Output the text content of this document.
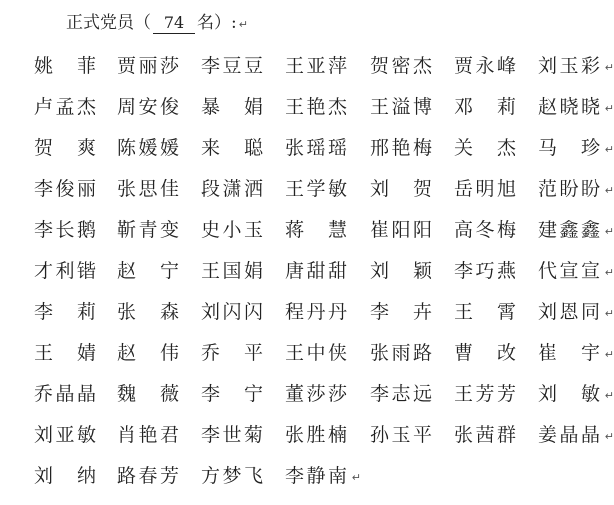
正式党员（ 74 名）: ↵
姚 菲 贾 丽 莎 李 豆 豆 王 亚 萍 贺 密 杰 贾 永 峰 刘 玉 彩 ↵
卢 孟 杰 周 安 俊 暴 娟 王 艳 杰 王 溢 博 邓 莉 赵 晓 晓 ↵
贺 爽 陈 媛 媛 来 聪 张 瑶 瑶 邢 艳 梅 关 杰 马 珍 ↵
李 俊 丽 张 思 佳 段 潇 洒 王 学 敏 刘 贺 岳 明 旭 范 盼 盼 ↵
李 长 鹅 靳 青 变 史 小 玉 蒋 慧 崔 阳 阳 高 冬 梅 建 鑫 鑫 ↵
才 利 锴 赵 宁 王 国 娟 唐 甜 甜 刘 颖 李 巧 燕 代 宣 宣 ↵
李 莉 张 森 刘 闪 闪 程 丹 丹 李 卉 王 霄 刘 恩 同 ↵
王 婧 赵 伟 乔 平 王 中 侠 张 雨 路 曹 改 崔 宇 ↵
乔 晶 晶 魏 薇 李 宁 董 莎 莎 李 志 远 王 芳 芳 刘 敏 ↵
刘 亚 敏 肖 艳 君 李 世 菊 张 胜 楠 孙 玉 平 张 茜 群 姜 晶 晶 ↵
刘 纳 路 春 芳 方 梦 飞 李 静 南 ↵
